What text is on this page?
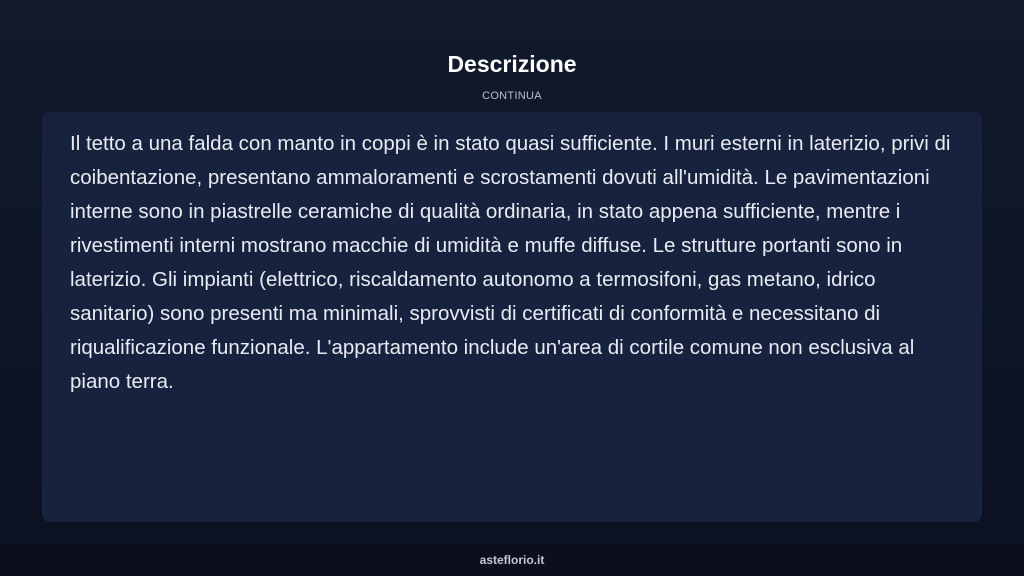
Descrizione
CONTINUA

Il tetto a una falda con manto in coppi è in stato quasi sufficiente. I muri esterni in laterizio, privi di coibentazione, presentano ammaloramenti e scrostamenti dovuti all'umidità. Le pavimentazioni interne sono in piastrelle ceramiche di qualità ordinaria, in stato appena sufficiente, mentre i rivestimenti interni mostrano macchie di umidità e muffe diffuse. Le strutture portanti sono in laterizio. Gli impianti (elettrico, riscaldamento autonomo a termosifoni, gas metano, idrico sanitario) sono presenti ma minimali, sprovvisti di certificati di conformità e necessitano di riqualificazione funzionale. L'appartamento include un'area di cortile comune non esclusiva al piano terra.

asteflorio.it
